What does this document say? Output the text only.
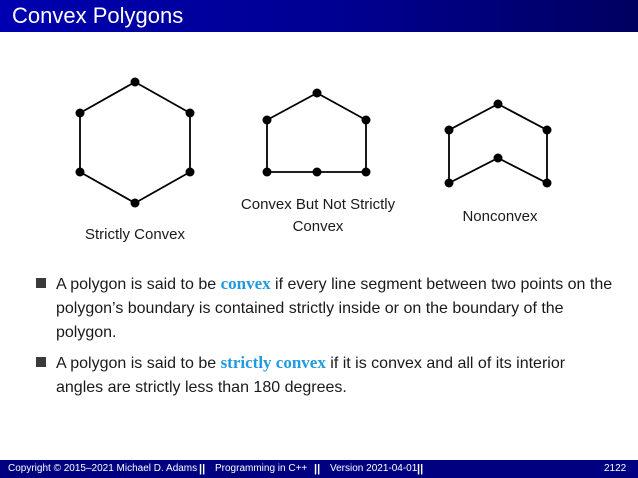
Convex Polygons
Strictly Convex
Convex But Not Strictly
Convex
Nonconvex
A polygon is said to be convex if every line segment between two points on the polygon’s boundary is contained strictly inside or on the boundary of the polygon.
A polygon is said to be strictly convex if it is convex and all of its interior angles are strictly less than 180 degrees.
Copyright © 2015–2021 Michael D. Adams || Programming in C++ || Version 2021-04-01 ||	2122
